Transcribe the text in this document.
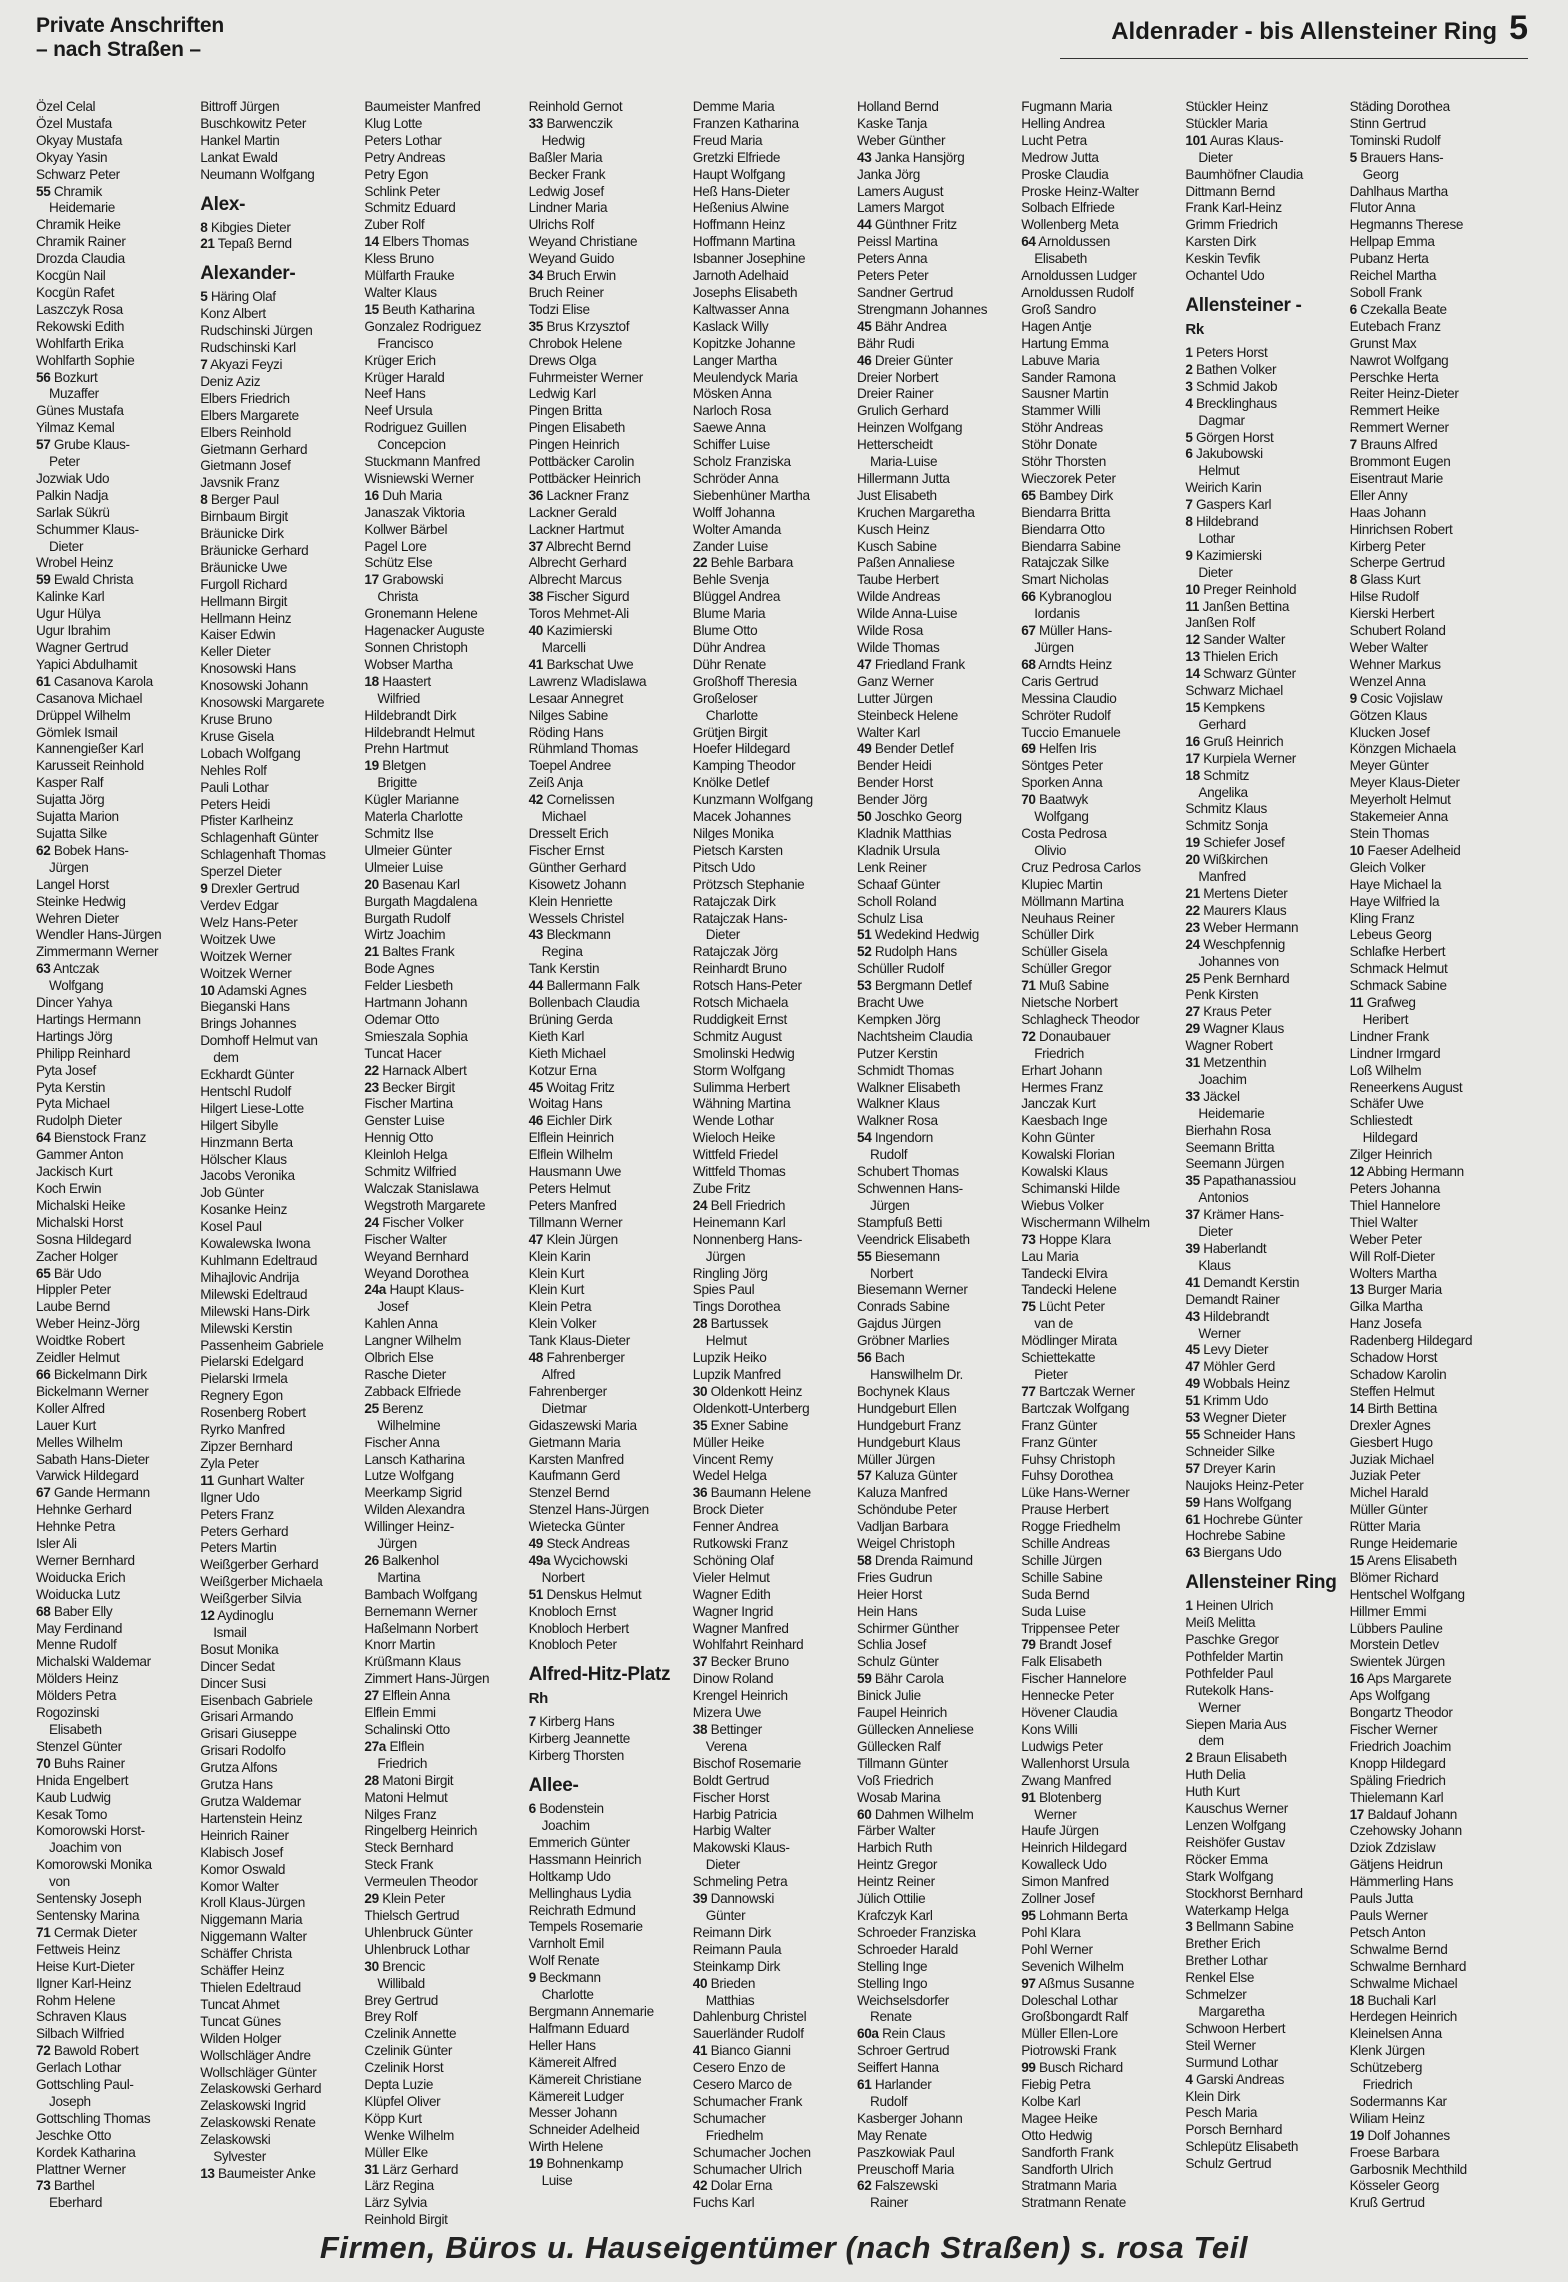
Private Anschriften
– nach Straßen –
Aldenrader - bis Allensteiner Ring 5
Özel Celal
Özel Mustafa
Okyay Mustafa
Okyay Yasin
Schwarz Peter
55 Chramik
Heidemarie
Chramik Heike
Chramik Rainer
Drozda Claudia
Kocgün Nail
Kocgün Rafet
Laszczyk Rosa
Rekowski Edith
Wohlfarth Erika
Wohlfarth Sophie
56 Bozkurt
Muzaffer
Günes Mustafa
Yilmaz Kemal
57 Grube Klaus-
Peter
Jozwiak Udo
Palkin Nadja
Sarlak Sükrü
Schummer Klaus-
Dieter
Wrobel Heinz
59 Ewald Christa
Kalinke Karl
Ugur Hülya
Ugur Ibrahim
Wagner Gertrud
Yapici Abdulhamit
61 Casanova Karola
Casanova Michael
Drüppel Wilhelm
Gömlek Ismail
Kannengießer Karl
Karusseit Reinhold
Kasper Ralf
Sujatta Jörg
Sujatta Marion
Sujatta Silke
62 Bobek Hans-
Jürgen
Langel Horst
Steinke Hedwig
Wehren Dieter
Wendler Hans-Jürgen
Zimmermann Werner
63 Antczak
Wolfgang
Dincer Yahya
Hartings Hermann
Hartings Jörg
Philipp Reinhard
Pyta Josef
Pyta Kerstin
Pyta Michael
Rudolph Dieter
64 Bienstock Franz
Gammer Anton
Jackisch Kurt
Koch Erwin
Michalski Heike
Michalski Horst
Sosna Hildegard
Zacher Holger
65 Bär Udo
Hippler Peter
Laube Bernd
Weber Heinz-Jörg
Woidtke Robert
Zeidler Helmut
66 Bickelmann Dirk
Bickelmann Werner
Koller Alfred
Lauer Kurt
Melles Wilhelm
Sabath Hans-Dieter
Varwick Hildegard
67 Gande Hermann
Hehnke Gerhard
Hehnke Petra
Isler Ali
Werner Bernhard
Woiducka Erich
Woiducka Lutz
68 Baber Elly
May Ferdinand
Menne Rudolf
Michalski Waldemar
Mölders Heinz
Mölders Petra
Rogozinski
Elisabeth
Stenzel Günter
70 Buhs Rainer
Hnida Engelbert
Kaub Ludwig
Kesak Tomo
Komorowski Horst-
Joachim von
Komorowski Monika
von
Sentensky Joseph
Sentensky Marina
71 Cermak Dieter
Fettweis Heinz
Heise Kurt-Dieter
Ilgner Karl-Heinz
Rohm Helene
Schraven Klaus
Silbach Wilfried
72 Bawold Robert
Gerlach Lothar
Gottschling Paul-
Joseph
Gottschling Thomas
Jeschke Otto
Kordek Katharina
Plattner Werner
73 Barthel
Eberhard
Bittroff Jürgen
Buschkowitz Peter
Hankel Martin
Lankat Ewald
Neumann Wolfgang
Alex-
8 Kibgies Dieter
21 Tepaß Bernd
Alexander-
5 Häring Olaf
Konz Albert
Rudschinski Jürgen
Rudschinski Karl
7 Akyazi Feyzi
Deniz Aziz
Elbers Friedrich
Elbers Margarete
Elbers Reinhold
Gietmann Gerhard
Gietmann Josef
Javsnik Franz
8 Berger Paul
Birnbaum Birgit
Bräunicke Dirk
Bräunicke Gerhard
Bräunicke Uwe
Furgoll Richard
Hellmann Birgit
Hellmann Heinz
Kaiser Edwin
Keller Dieter
Knosowski Hans
Knosowski Johann
Knosowski Margarete
Kruse Bruno
Kruse Gisela
Lobach Wolfgang
Nehles Rolf
Pauli Lothar
Peters Heidi
Pfister Karlheinz
Schlagenhaft Günter
Schlagenhaft Thomas
Sperzel Dieter
9 Drexler Gertrud
Verdev Edgar
Welz Hans-Peter
Woitzek Uwe
Woitzek Werner
Woitzek Werner
10 Adamski Agnes
Bieganski Hans
Brings Johannes
Domhoff Helmut van
dem
Eckhardt Günter
Hentschl Rudolf
Hilgert Liese-Lotte
Hilgert Sibylle
Hinzmann Berta
Hölscher Klaus
Jacobs Veronika
Job Günter
Kosanke Heinz
Kosel Paul
Kowalewska Iwona
Kuhlmann Edeltraud
Mihajlovic Andrija
Milewski Edeltraud
Milewski Hans-Dirk
Milewski Kerstin
Passenheim Gabriele
Pielarski Edelgard
Pielarski Irmela
Regnery Egon
Rosenberg Robert
Ryrko Manfred
Zipzer Bernhard
Zyla Peter
11 Gunhart Walter
Ilgner Udo
Peters Franz
Peters Gerhard
Peters Martin
Weißgerber Gerhard
Weißgerber Michaela
Weißgerber Silvia
12 Aydinoglu
Ismail
Bosut Monika
Dincer Sedat
Dincer Susi
Eisenbach Gabriele
Grisari Armando
Grisari Giuseppe
Grisari Rodolfo
Grutza Alfons
Grutza Hans
Grutza Waldemar
Hartenstein Heinz
Heinrich Rainer
Klabisch Josef
Komor Oswald
Komor Walter
Kroll Klaus-Jürgen
Niggemann Maria
Niggemann Walter
Schäffer Christa
Schäffer Heinz
Thielen Edeltraud
Tuncat Ahmet
Tuncat Günes
Wilden Holger
Wollschläger Andre
Wollschläger Günter
Zelaskowski Gerhard
Zelaskowski Ingrid
Zelaskowski Renate
Zelaskowski
Sylvester
13 Baumeister Anke
Baumeister Manfred
Klug Lotte
Peters Lothar
Petry Andreas
Petry Egon
Schlink Peter
Schmitz Eduard
Zuber Rolf
14 Elbers Thomas
Kless Bruno
Mülfarth Frauke
Walter Klaus
15 Beuth Katharina
Gonzalez Rodriguez
Francisco
Krüger Erich
Krüger Harald
Neef Hans
Neef Ursula
Rodriguez Guillen
Concepcion
Stuckmann Manfred
Wisniewski Werner
16 Duh Maria
Janaszak Viktoria
Kollwer Bärbel
Pagel Lore
Schütz Else
17 Grabowski
Christa
Gronemann Helene
Hagenacker Auguste
Sonnen Christoph
Wobser Martha
18 Haastert
Wilfried
Hildebrandt Dirk
Hildebrandt Helmut
Prehn Hartmut
19 Bletgen
Brigitte
Kügler Marianne
Materla Charlotte
Schmitz Ilse
Ulmeier Günter
Ulmeier Luise
20 Basenau Karl
Burgath Magdalena
Burgath Rudolf
Wirtz Joachim
21 Baltes Frank
Bode Agnes
Felder Liesbeth
Hartmann Johann
Odemar Otto
Smieszala Sophia
Tuncat Hacer
22 Harnack Albert
23 Becker Birgit
Fischer Martina
Genster Luise
Hennig Otto
Kleinloh Helga
Schmitz Wilfried
Walczak Stanislawa
Wegstroth Margarete
24 Fischer Volker
Fischer Walter
Weyand Bernhard
Weyand Dorothea
24a Haupt Klaus-
Josef
Kahlen Anna
Langner Wilhelm
Olbrich Else
Rasche Dieter
Zabback Elfriede
25 Berenz
Wilhelmine
Fischer Anna
Lansch Katharina
Lutze Wolfgang
Meerkamp Sigrid
Wilden Alexandra
Willinger Heinz-
Jürgen
26 Balkenhol
Martina
Bambach Wolfgang
Bernemann Werner
Haßelmann Norbert
Knorr Martin
Krüßmann Klaus
Zimmert Hans-Jürgen
27 Elflein Anna
Elflein Emmi
Schalinski Otto
27a Elflein
Friedrich
28 Matoni Birgit
Matoni Helmut
Nilges Franz
Ringelberg Heinrich
Steck Bernhard
Steck Frank
Vermeulen Theodor
29 Klein Peter
Thielsch Gertrud
Uhlenbruck Günter
Uhlenbruck Lothar
30 Brencic
Willibald
Brey Gertrud
Brey Rolf
Czelinik Annette
Czelinik Günter
Czelinik Horst
Depta Luzie
Klüpfel Oliver
Köpp Kurt
Wenke Wilhelm
Müller Elke
31 Lärz Gerhard
Lärz Regina
Lärz Sylvia
Reinhold Birgit
Reinhold Gernot
33 Barwenczik
Hedwig
Baßler Maria
Becker Frank
Ledwig Josef
Lindner Maria
Ulrichs Rolf
Weyand Christiane
Weyand Guido
34 Bruch Erwin
Bruch Reiner
Todzi Elise
35 Brus Krzysztof
Chrobok Helene
Drews Olga
Fuhrmeister Werner
Ledwig Karl
Pingen Britta
Pingen Elisabeth
Pingen Heinrich
Pottbäcker Carolin
Pottbäcker Heinrich
36 Lackner Franz
Lackner Gerald
Lackner Hartmut
37 Albrecht Bernd
Albrecht Gerhard
Albrecht Marcus
38 Fischer Sigurd
Toros Mehmet-Ali
40 Kazimierski
Marcelli
41 Barkschat Uwe
Lawrenz Wladislawa
Lesaar Annegret
Nilges Sabine
Röding Hans
Rühmland Thomas
Toepel Andree
Zeiß Anja
42 Cornelissen
Michael
Dresselt Erich
Fischer Ernst
Günther Gerhard
Kisowetz Johann
Klein Henriette
Wessels Christel
43 Bleckmann
Regina
Tank Kerstin
44 Ballermann Falk
Bollenbach Claudia
Brüning Gerda
Kieth Karl
Kieth Michael
Kotzur Erna
45 Woitag Fritz
Woitag Hans
46 Eichler Dirk
Elflein Heinrich
Elflein Wilhelm
Hausmann Uwe
Peters Helmut
Peters Manfred
Tillmann Werner
47 Klein Jürgen
Klein Karin
Klein Kurt
Klein Kurt
Klein Petra
Klein Volker
Tank Klaus-Dieter
48 Fahrenberger
Alfred
Fahrenberger
Dietmar
Gidaszewski Maria
Gietmann Maria
Karsten Manfred
Kaufmann Gerd
Stenzel Bernd
Stenzel Hans-Jürgen
Wietecka Günter
49 Steck Andreas
49a Wycichowski
Norbert
51 Denskus Helmut
Knobloch Ernst
Knobloch Herbert
Knobloch Peter
Alfred-Hitz-Platz
Rh
7 Kirberg Hans
Kirberg Jeannette
Kirberg Thorsten
Allee-
6 Bodenstein
Joachim
Emmerich Günter
Hassmann Heinrich
Holtkamp Udo
Mellinghaus Lydia
Reichrath Edmund
Tempels Rosemarie
Varnholt Emil
Wolf Renate
9 Beckmann
Charlotte
Bergmann Annemarie
Halfmann Eduard
Heller Hans
Kämereit Alfred
Kämereit Christiane
Kämereit Ludger
Messer Johann
Schneider Adelheid
Wirth Helene
19 Bohnenkamp
Luise
Demme Maria
Franzen Katharina
Freud Maria
Gretzki Elfriede
Haupt Wolfgang
Heß Hans-Dieter
Heßenius Alwine
Hoffmann Heinz
Hoffmann Martina
Isbanner Josephine
Jarnoth Adelhaid
Josephs Elisabeth
Kaltwasser Anna
Kaslack Willy
Kopitzke Johanne
Langer Martha
Meulendyck Maria
Mösken Anna
Narloch Rosa
Saewe Anna
Schiffer Luise
Scholz Franziska
Schröder Anna
Siebenhüner Martha
Wolff Johanna
Wolter Amanda
Zander Luise
22 Behle Barbara
Behle Svenja
Blüggel Andrea
Blume Maria
Blume Otto
Dühr Andrea
Dühr Renate
Großhoff Theresia
Großeloser
Charlotte
Grütjen Birgit
Hoefer Hildegard
Kamping Theodor
Knölke Detlef
Kunzmann Wolfgang
Macek Johannes
Nilges Monika
Pietsch Karsten
Pitsch Udo
Prötzsch Stephanie
Ratajczak Dirk
Ratajczak Hans-
Dieter
Ratajczak Jörg
Reinhardt Bruno
Rotsch Hans-Peter
Rotsch Michaela
Ruddigkeit Ernst
Schmitz August
Smolinski Hedwig
Storm Wolfgang
Sulimma Herbert
Wähning Martina
Wende Lothar
Wieloch Heike
Wittfeld Friedel
Wittfeld Thomas
Zube Fritz
24 Bell Friedrich
Heinemann Karl
Nonnenberg Hans-
Jürgen
Ringling Jörg
Spies Paul
Tings Dorothea
28 Bartussek
Helmut
Lupzik Heiko
Lupzik Manfred
30 Oldenkott Heinz
Oldenkott-Unterberg
35 Exner Sabine
Müller Heike
Vincent Remy
Wedel Helga
36 Baumann Helene
Brock Dieter
Fenner Andrea
Rutkowski Franz
Schöning Olaf
Vieler Helmut
Wagner Edith
Wagner Ingrid
Wagner Manfred
Wohlfahrt Reinhard
37 Becker Bruno
Dinow Roland
Krengel Heinrich
Mizera Uwe
38 Bettinger
Verena
Bischof Rosemarie
Boldt Gertrud
Fischer Horst
Harbig Patricia
Harbig Walter
Makowski Klaus-
Dieter
Schmeling Petra
39 Dannowski
Günter
Reimann Dirk
Reimann Paula
Steinkamp Dirk
40 Brieden
Matthias
Dahlenburg Christel
Sauerländer Rudolf
41 Bianco Gianni
Cesero Enzo de
Cesero Marco de
Schumacher Frank
Schumacher
Friedhelm
Schumacher Jochen
Schumacher Ulrich
42 Dolar Erna
Fuchs Karl
Holland Bernd
Kaske Tanja
Weber Günther
43 Janka Hansjörg
Janka Jörg
Lamers August
Lamers Margot
44 Günthner Fritz
Peissl Martina
Peters Anna
Peters Peter
Sandner Gertrud
Strengmann Johannes
45 Bähr Andrea
Bähr Rudi
46 Dreier Günter
Dreier Norbert
Dreier Rainer
Grulich Gerhard
Heinzen Wolfgang
Hetterscheidt
Maria-Luise
Hillermann Jutta
Just Elisabeth
Kruchen Margaretha
Kusch Heinz
Kusch Sabine
Paßen Annaliese
Taube Herbert
Wilde Andreas
Wilde Anna-Luise
Wilde Rosa
Wilde Thomas
47 Friedland Frank
Ganz Werner
Lutter Jürgen
Steinbeck Helene
Walter Karl
49 Bender Detlef
Bender Heidi
Bender Horst
Bender Jörg
50 Joschko Georg
Kladnik Matthias
Kladnik Ursula
Lenk Reiner
Schaaf Günter
Scholl Roland
Schulz Lisa
51 Wedekind Hedwig
52 Rudolph Hans
Schüller Rudolf
53 Bergmann Detlef
Bracht Uwe
Kempken Jörg
Nachtsheim Claudia
Putzer Kerstin
Schmidt Thomas
Walkner Elisabeth
Walkner Klaus
Walkner Rosa
54 Ingendorn
Rudolf
Schubert Thomas
Schwennen Hans-
Jürgen
Stampfuß Betti
Veendrick Elisabeth
55 Biesemann
Norbert
Biesemann Werner
Conrads Sabine
Gajdus Jürgen
Gröbner Marlies
56 Bach
Hanswilhelm Dr.
Bochynek Klaus
Hundgeburt Ellen
Hundgeburt Franz
Hundgeburt Klaus
Müller Jürgen
57 Kaluza Günter
Kaluza Manfred
Schöndube Peter
Vadljan Barbara
Weigel Christoph
58 Drenda Raimund
Fries Gudrun
Heier Horst
Hein Hans
Schirmer Günther
Schlia Josef
Schulz Günter
59 Bähr Carola
Binick Julie
Faupel Heinrich
Güllecken Anneliese
Güllecken Ralf
Tillmann Günter
Voß Friedrich
Wosab Marina
60 Dahmen Wilhelm
Färber Walter
Harbich Ruth
Heintz Gregor
Heintz Reiner
Jülich Ottilie
Krafczyk Karl
Schroeder Franziska
Schroeder Harald
Stelling Inge
Stelling Ingo
Weichselsdorfer
Renate
60a Rein Claus
Schroer Gertrud
Seiffert Hanna
61 Harlander
Rudolf
Kasberger Johann
May Renate
Paszkowiak Paul
Preuschoff Maria
62 Falszewski
Rainer
Fugmann Maria
Helling Andrea
Lucht Petra
Medrow Jutta
Proske Claudia
Proske Heinz-Walter
Solbach Elfriede
Wollenberg Meta
64 Arnoldussen
Elisabeth
Arnoldussen Ludger
Arnoldussen Rudolf
Groß Sandro
Hagen Antje
Hartung Emma
Labuve Maria
Sander Ramona
Sausner Martin
Stammer Willi
Stöhr Andreas
Stöhr Donate
Stöhr Thorsten
Wieczorek Peter
65 Bambey Dirk
Biendarra Britta
Biendarra Otto
Biendarra Sabine
Ratajczak Silke
Smart Nicholas
66 Kybranoglou
Iordanis
67 Müller Hans-
Jürgen
68 Arndts Heinz
Caris Gertrud
Messina Claudio
Schröter Rudolf
Tuccio Emanuele
69 Helfen Iris
Söntges Peter
Sporken Anna
70 Baatwyk
Wolfgang
Costa Pedrosa
Olivio
Cruz Pedrosa Carlos
Klupiec Martin
Möllmann Martina
Neuhaus Reiner
Schüller Dirk
Schüller Gisela
Schüller Gregor
71 Muß Sabine
Nietsche Norbert
Schlagheck Theodor
72 Donaubauer
Friedrich
Erhart Johann
Hermes Franz
Janczak Kurt
Kaesbach Inge
Kohn Günter
Kowalski Florian
Kowalski Klaus
Schimanski Hilde
Wiebus Volker
Wischermann Wilhelm
73 Hoppe Klara
Lau Maria
Tandecki Elvira
Tandecki Helene
75 Lücht Peter
van de
Mödlinger Mirata
Schiettekatte
Pieter
77 Bartczak Werner
Bartczak Wolfgang
Franz Günter
Franz Günter
Fuhsy Christoph
Fuhsy Dorothea
Lüke Hans-Werner
Prause Herbert
Rogge Friedhelm
Schille Andreas
Schille Jürgen
Schille Sabine
Suda Bernd
Suda Luise
Trippensee Peter
79 Brandt Josef
Falk Elisabeth
Fischer Hannelore
Hennecke Peter
Hövener Claudia
Kons Willi
Ludwigs Peter
Wallenhorst Ursula
Zwang Manfred
91 Blotenberg
Werner
Haufe Jürgen
Heinrich Hildegard
Kowalleck Udo
Simon Manfred
Zollner Josef
95 Lohmann Berta
Pohl Klara
Pohl Werner
Sevenich Wilhelm
97 Aßmus Susanne
Doleschal Lothar
Großbongardt Ralf
Müller Ellen-Lore
Piotrowski Frank
99 Busch Richard
Fiebig Petra
Kolbe Karl
Magee Heike
Otto Hedwig
Sandforth Frank
Sandforth Ulrich
Stratmann Maria
Stratmann Renate
Stückler Heinz
Stückler Maria
101 Auras Klaus-
Dieter
Baumhöfner Claudia
Dittmann Bernd
Frank Karl-Heinz
Grimm Friedrich
Karsten Dirk
Keskin Tevfik
Ochantel Udo
Allensteiner -
Rk
1 Peters Horst
2 Bathen Volker
3 Schmid Jakob
4 Brecklinghaus
Dagmar
5 Görgen Horst
6 Jakubowski
Helmut
Weirich Karin
7 Gaspers Karl
8 Hildebrand
Lothar
9 Kazimierski
Dieter
10 Preger Reinhold
11 Janßen Bettina
Janßen Rolf
12 Sander Walter
13 Thielen Erich
14 Schwarz Günter
Schwarz Michael
15 Kempkens
Gerhard
16 Gruß Heinrich
17 Kurpiela Werner
18 Schmitz
Angelika
Schmitz Klaus
Schmitz Sonja
19 Schiefer Josef
20 Wißkirchen
Manfred
21 Mertens Dieter
22 Maurers Klaus
23 Weber Hermann
24 Weschpfennig
Johannes von
25 Penk Bernhard
Penk Kirsten
27 Kraus Peter
29 Wagner Klaus
Wagner Robert
31 Metzenthin
Joachim
33 Jäckel
Heidemarie
Bierhahn Rosa
Seemann Britta
Seemann Jürgen
35 Papathanassiou
Antonios
37 Krämer Hans-
Dieter
39 Haberlandt
Klaus
41 Demandt Kerstin
Demandt Rainer
43 Hildebrandt
Werner
45 Levy Dieter
47 Möhler Gerd
49 Wobbals Heinz
51 Krimm Udo
53 Wegner Dieter
55 Schneider Hans
Schneider Silke
57 Dreyer Karin
Naujoks Heinz-Peter
59 Hans Wolfgang
61 Hochrebe Günter
Hochrebe Sabine
63 Biergans Udo
Allensteiner Ring
1 Heinen Ulrich
Meiß Melitta
Paschke Gregor
Pothfelder Martin
Pothfelder Paul
Rutekolk Hans-
Werner
Siepen Maria Aus
dem
2 Braun Elisabeth
Huth Delia
Huth Kurt
Kauschus Werner
Lenzen Wolfgang
Reishöfer Gustav
Röcker Emma
Stark Wolfgang
Stockhorst Bernhard
Waterkamp Helga
3 Bellmann Sabine
Brether Erich
Brether Lothar
Renkel Else
Schmelzer
Margaretha
Schwoon Herbert
Steil Werner
Surmund Lothar
4 Garski Andreas
Klein Dirk
Pesch Maria
Porsch Bernhard
Schlepütz Elisabeth
Schulz Gertrud
Städing Dorothea
Stinn Gertrud
Tominski Rudolf
5 Brauers Hans-
Georg
Dahlhaus Martha
Flutor Anna
Hegmanns Therese
Hellpap Emma
Pubanz Herta
Reichel Martha
Soboll Frank
6 Czekalla Beate
Eutebach Franz
Grunst Max
Nawrot Wolfgang
Perschke Herta
Reiter Heinz-Dieter
Remmert Heike
Remmert Werner
7 Brauns Alfred
Brommont Eugen
Eisentraut Marie
Eller Anny
Haas Johann
Hinrichsen Robert
Kirberg Peter
Scherpe Gertrud
8 Glass Kurt
Hilse Rudolf
Kierski Herbert
Schubert Roland
Weber Walter
Wehner Markus
Wenzel Anna
9 Cosic Vojislaw
Götzen Klaus
Klucken Josef
Könzgen Michaela
Meyer Günter
Meyer Klaus-Dieter
Meyerholt Helmut
Stakemeier Anna
Stein Thomas
10 Faeser Adelheid
Gleich Volker
Haye Michael la
Haye Wilfried la
Kling Franz
Lebeus Georg
Schlafke Herbert
Schmack Helmut
Schmack Sabine
11 Grafweg
Heribert
Lindner Frank
Lindner Irmgard
Loß Wilhelm
Reneerkens August
Schäfer Uwe
Schliestedt
Hildegard
Zilger Heinrich
12 Abbing Hermann
Peters Johanna
Thiel Hannelore
Thiel Walter
Weber Peter
Will Rolf-Dieter
Wolters Martha
13 Burger Maria
Gilka Martha
Hanz Josefa
Radenberg Hildegard
Schadow Horst
Schadow Karolin
Steffen Helmut
14 Birth Bettina
Drexler Agnes
Giesbert Hugo
Juziak Michael
Juziak Peter
Michel Harald
Müller Günter
Rütter Maria
Runge Heidemarie
15 Arens Elisabeth
Blömer Richard
Hentschel Wolfgang
Hillmer Emmi
Lübbers Pauline
Morstein Detlev
Swientek Jürgen
16 Aps Margarete
Aps Wolfgang
Bongartz Theodor
Fischer Werner
Friedrich Joachim
Knopp Hildegard
Späling Friedrich
Thielemann Karl
17 Baldauf Johann
Czehowsky Johann
Dziok Zdzislaw
Gätjens Heidrun
Hämmerling Hans
Pauls Jutta
Pauls Werner
Petsch Anton
Schwalme Bernd
Schwalme Bernhard
Schwalme Michael
18 Buchali Karl
Herdegen Heinrich
Kleinelsen Anna
Klenk Jürgen
Schützeberg
Friedrich
Sodermanns Kar
Wiliam Heinz
19 Dolf Johannes
Froese Barbara
Garbosnik Mechthild
Kösseler Georg
Kruß Gertrud
Firmen, Büros u. Hauseigentümer (nach Straßen) s. rosa Teil
